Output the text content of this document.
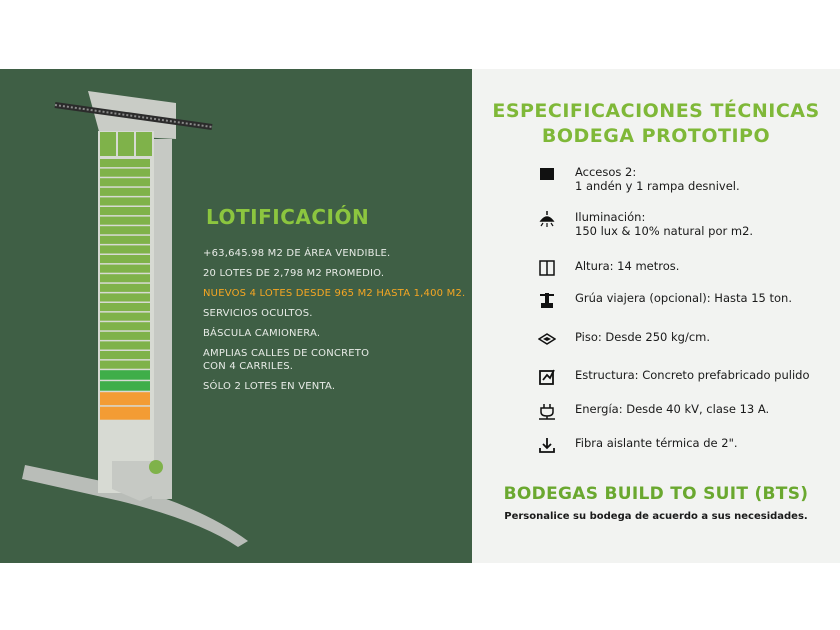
LOTIFICACIÓN
+63,645.98 M2 DE ÁREA VENDIBLE.
20 LOTES DE 2,798 M2 PROMEDIO.
NUEVOS 4 LOTES DESDE 965 M2 HASTA 1,400 M2.
SERVICIOS OCULTOS.
BÁSCULA CAMIONERA.
AMPLIAS CALLES DE CONCRETO CON 4 CARRILES.
SÓLO 2 LOTES EN VENTA.
ESPECIFICACIONES TÉCNICAS
BODEGA PROTOTIPO
Accesos 2:
1 andén y 1 rampa desnivel.
Iluminación:
150 lux & 10% natural por m2.
Altura: 14 metros.
Grúa viajera (opcional): Hasta 15 ton.
Piso: Desde 250 kg/cm.
Estructura: Concreto prefabricado pulido
Energía: Desde 40 kV, clase 13 A.
Fibra aislante térmica de 2".
BODEGAS BUILD TO SUIT (BTS)
Personalice su bodega de acuerdo a sus necesidades.
